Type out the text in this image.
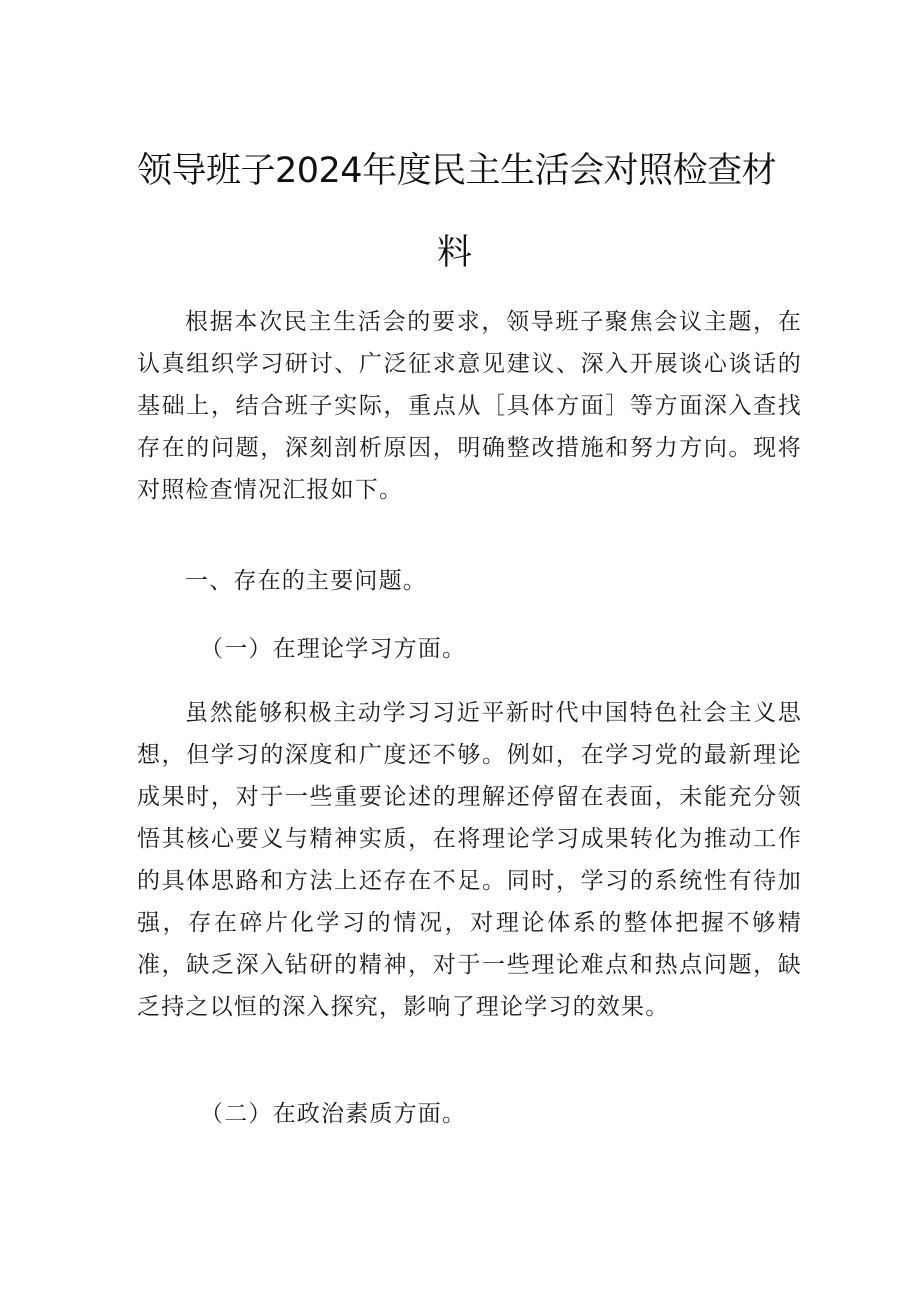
领导班子2024年度民主生活会对照检查材
料

根据本次民主生活会的要求，领导班子聚焦会议主题，在认真组织学习研讨、广泛征求意见建议、深入开展谈心谈话的基础上，结合班子实际，重点从［具体方面］等方面深入查找存在的问题，深刻剖析原因，明确整改措施和努力方向。现将对照检查情况汇报如下。

一、存在的主要问题。
（一）在理论学习方面。

虽然能够积极主动学习习近平新时代中国特色社会主义思想，但学习的深度和广度还不够。例如，在学习党的最新理论成果时，对于一些重要论述的理解还停留在表面，未能充分领悟其核心要义与精神实质，在将理论学习成果转化为推动工作的具体思路和方法上还存在不足。同时，学习的系统性有待加强，存在碎片化学习的情况，对理论体系的整体把握不够精准，缺乏深入钻研的精神，对于一些理论难点和热点问题，缺乏持之以恒的深入探究，影响了理论学习的效果。

（二）在政治素质方面。
